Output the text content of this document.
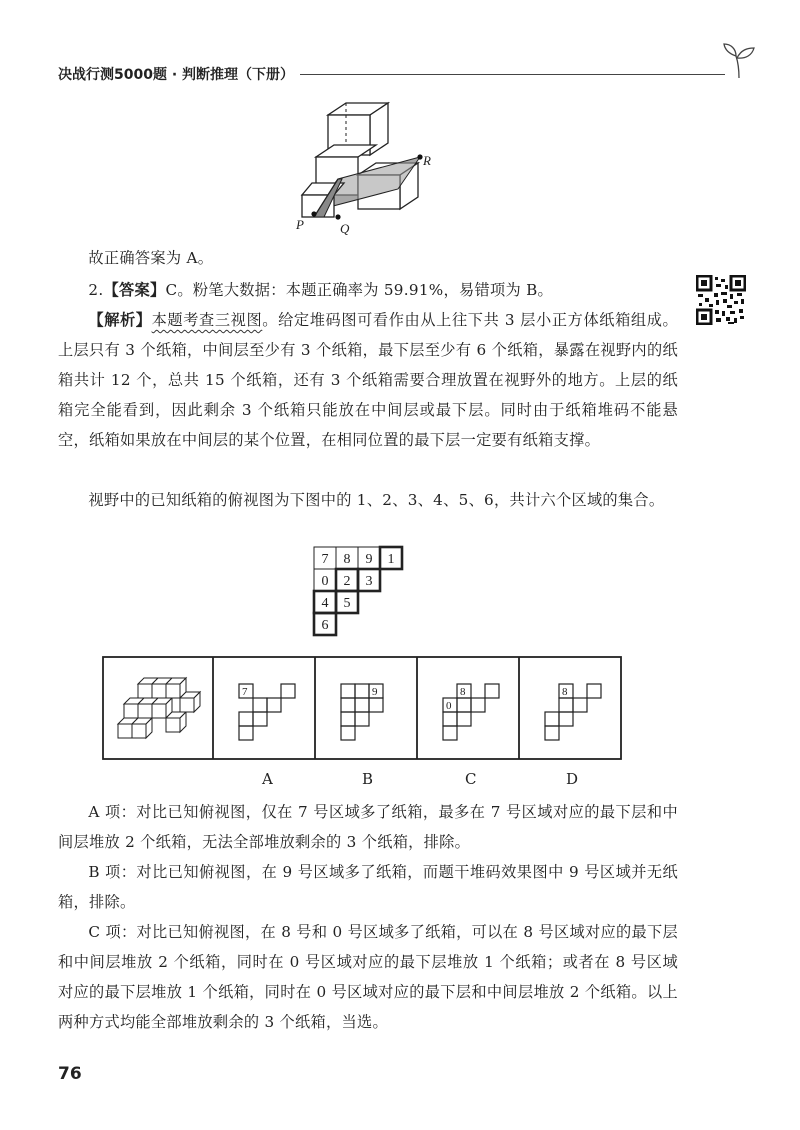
决战行测5000题 · 判断推理（下册）
P	Q
R

故正确答案为 A。

2.【答案】C。粉笔大数据：本题正确率为 59.91%，易错项为 B。

【解析】本题考查三视图。给定堆码图可看作由从上往下共 3 层小正方体纸箱组成。上层只有 3 个纸箱，中间层至少有 3 个纸箱，最下层至少有 6 个纸箱，暴露在视野内的纸箱共计 12 个，总共 15 个纸箱，还有 3 个纸箱需要合理放置在视野外的地方。上层的纸箱完全能看到，因此剩余 3 个纸箱只能放在中间层或最下层。同时由于纸箱堆码不能悬空，纸箱如果放在中间层的某个位置，在相同位置的最下层一定要有纸箱支撑。

视野中的已知纸箱的俯视图为下图中的 1、2、3、4、5、6，共计六个区域的集合。

7 8 9 1
0 2 3
4 5
6
7	9	8
0
8
A	B	C	D

A 项：对比已知俯视图，仅在 7 号区域多了纸箱，最多在 7 号区域对应的最下层和中间层堆放 2 个纸箱，无法全部堆放剩余的 3 个纸箱，排除。

B 项：对比已知俯视图，在 9 号区域多了纸箱，而题干堆码效果图中 9 号区域并无纸箱，排除。

C 项：对比已知俯视图，在 8 号和 0 号区域多了纸箱，可以在 8 号区域对应的最下层和中间层堆放 2 个纸箱，同时在 0 号区域对应的最下层堆放 1 个纸箱；或者在 8 号区域对应的最下层堆放 1 个纸箱，同时在 0 号区域对应的最下层和中间层堆放 2 个纸箱。以上两种方式均能全部堆放剩余的 3 个纸箱，当选。

76
